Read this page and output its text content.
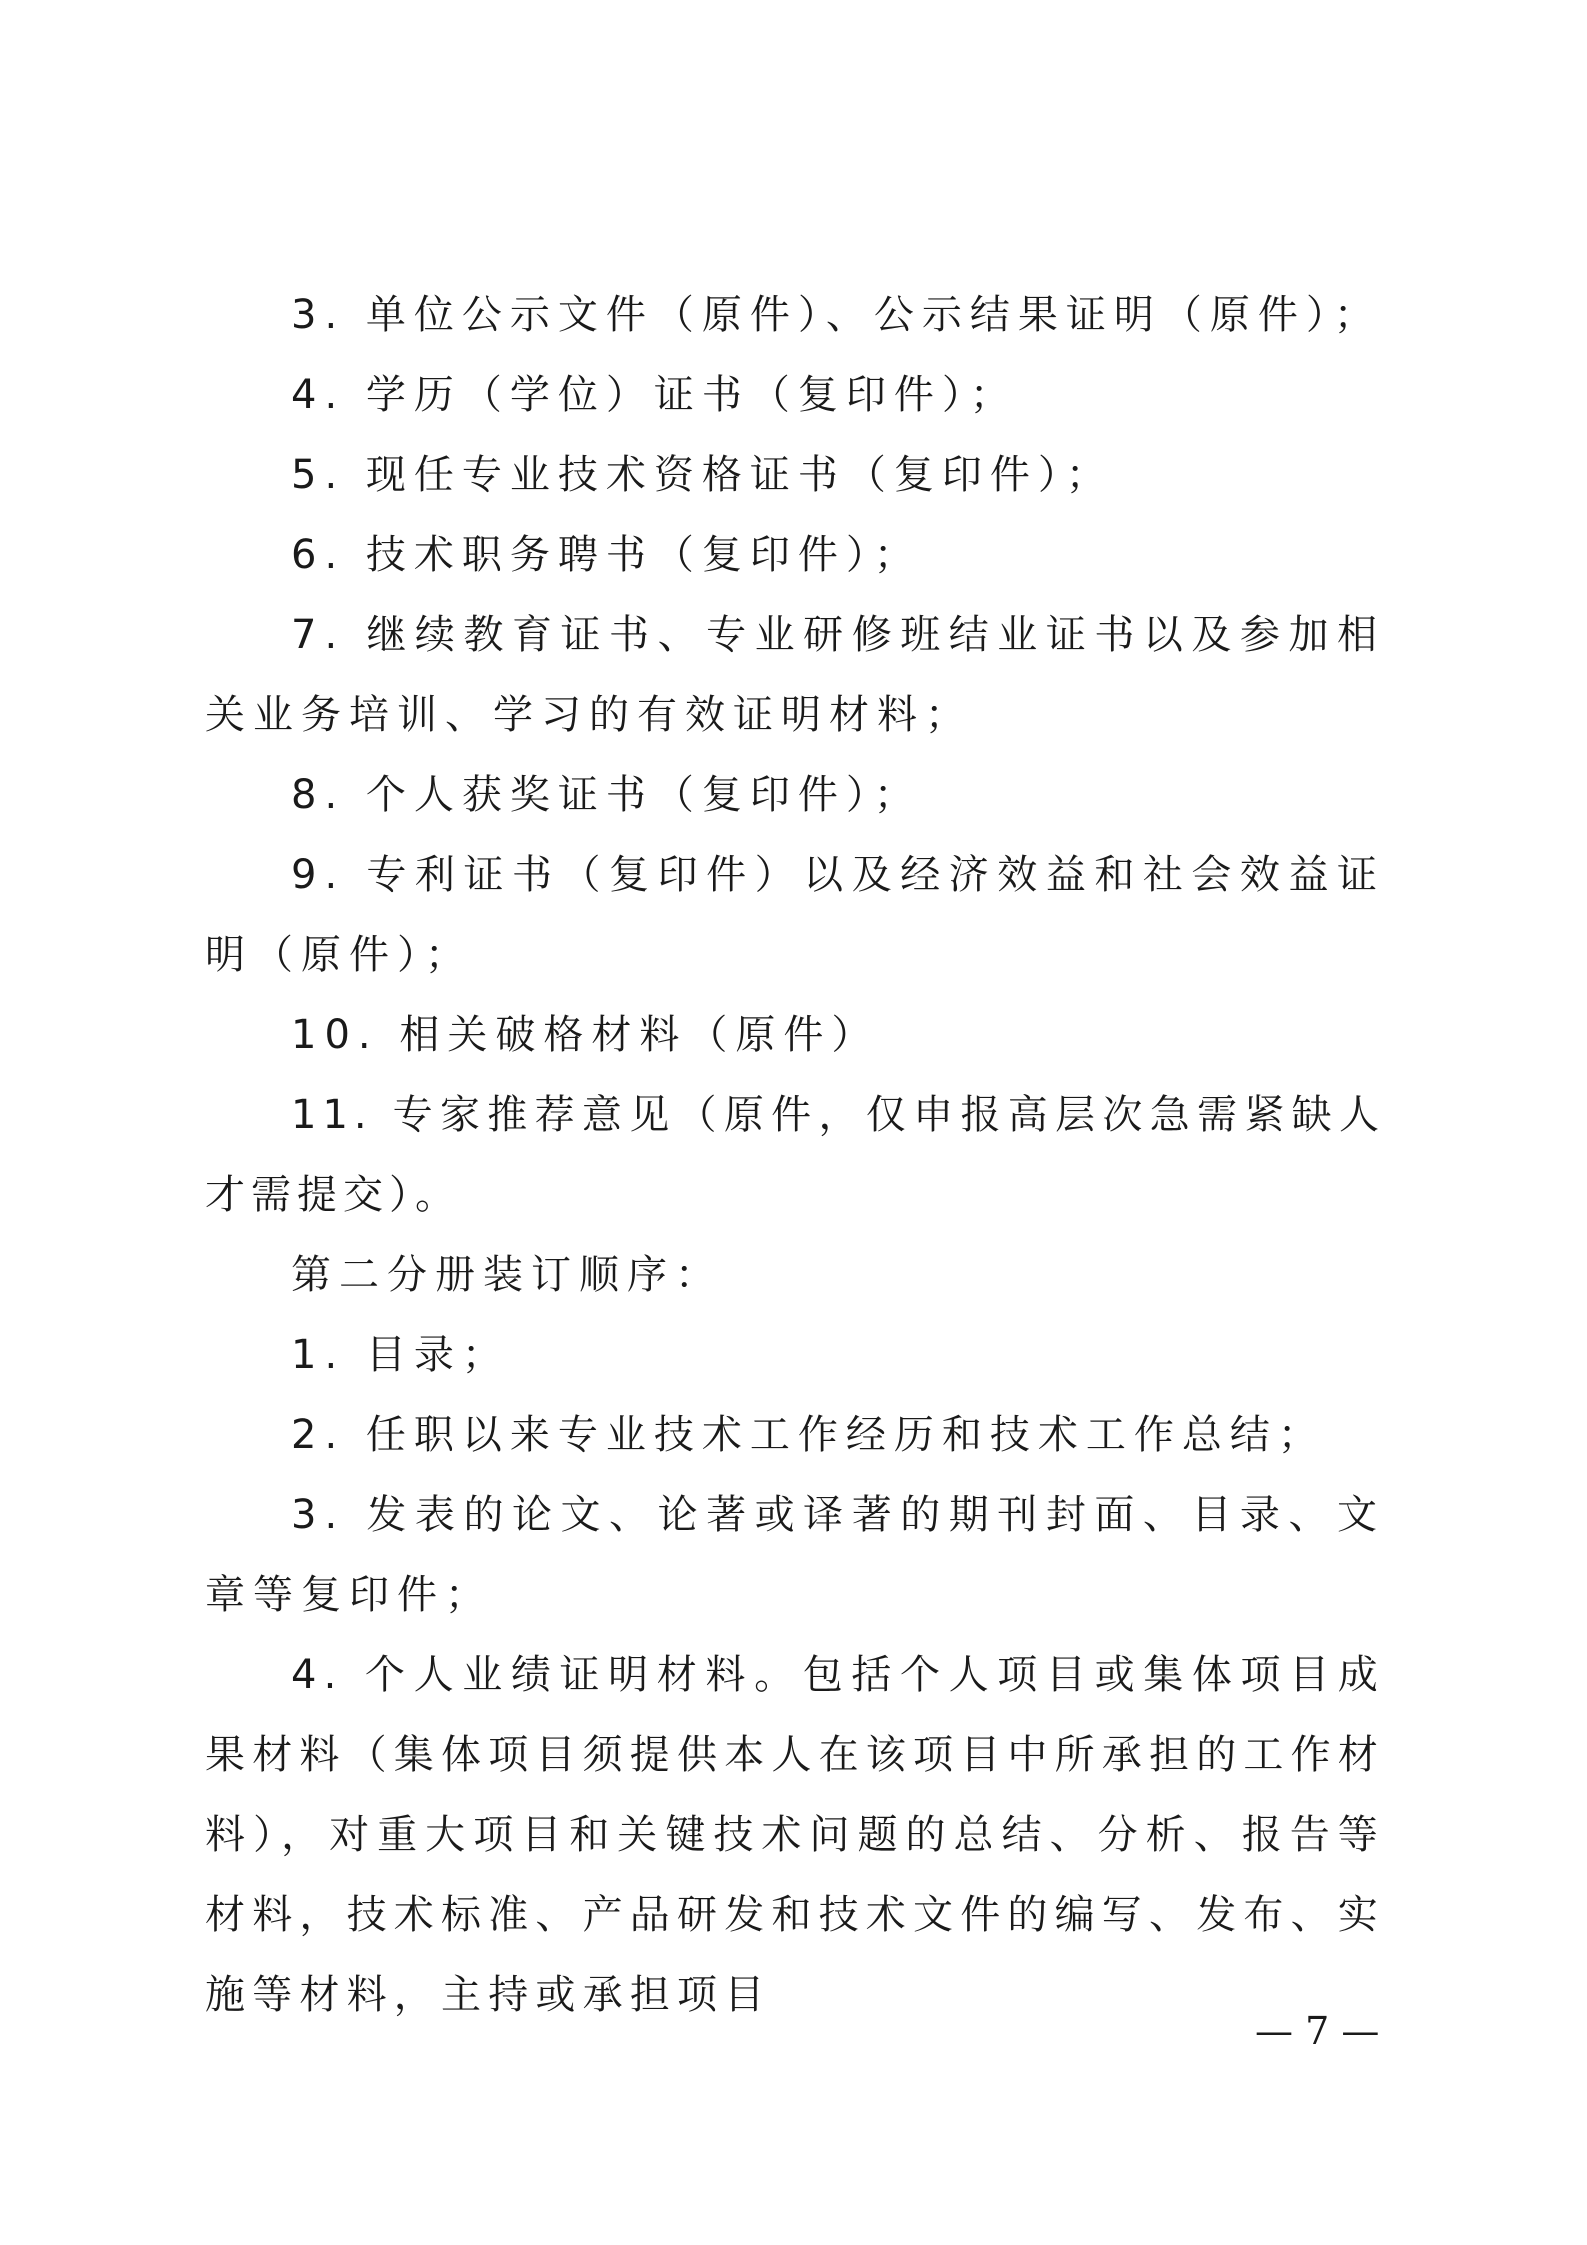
3. 单位公示文件（原件）、公示结果证明（原件）；

4. 学历（学位）证书（复印件）；

5. 现任专业技术资格证书（复印件）；

6. 技术职务聘书（复印件）；

7. 继续教育证书、专业研修班结业证书以及参加相关业务培训、学习的有效证明材料；

8. 个人获奖证书（复印件）；

9. 专利证书（复印件）以及经济效益和社会效益证明（原件）；

10. 相关破格材料（原件）

11. 专家推荐意见（原件，仅申报高层次急需紧缺人才需提交）。

第二分册装订顺序：

1. 目录；

2. 任职以来专业技术工作经历和技术工作总结；

3. 发表的论文、论著或译著的期刊封面、目录、文章等复印件；

4. 个人业绩证明材料。包括个人项目或集体项目成果材料（集体项目须提供本人在该项目中所承担的工作材料），对重大项目和关键技术问题的总结、分析、报告等材料，技术标准、产品研发和技术文件的编写、发布、实施等材料，主持或承担项目

— 7 —
